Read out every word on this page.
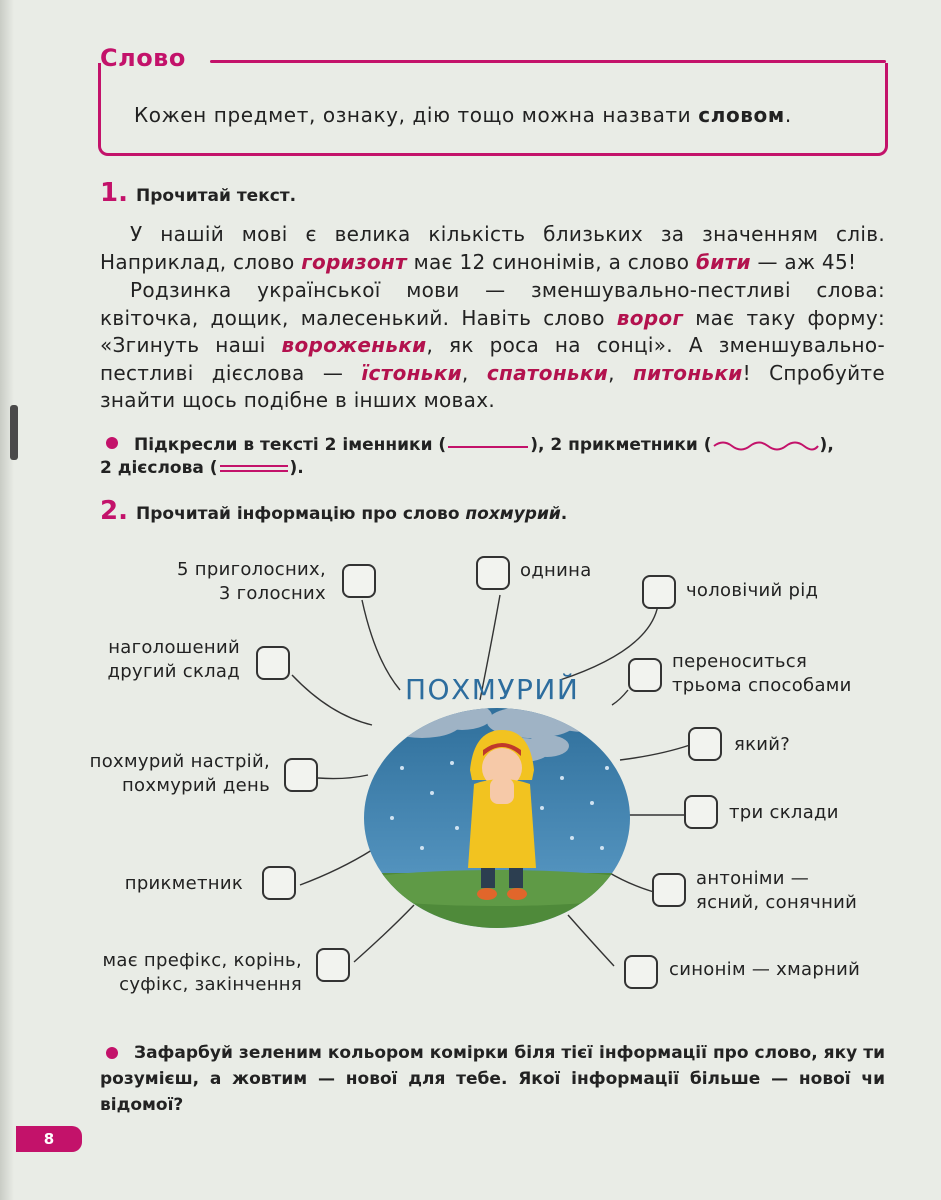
Слово
Кожен предмет, ознаку, дію тощо можна назвати словом.
1. Прочитай текст.
У нашій мові є велика кількість близьких за значенням слів. Наприклад, слово горизонт має 12 синонімів, а слово бити — аж 45!
Родзинка української мови — зменшувально-пестливі слова: квіточка, дощик, малесенький. Навіть слово ворог має таку форму: «Згинуть наші вороженьки, як роса на сонці». А зменшувально-пестливі дієслова — їстоньки, спатоньки, питоньки! Спробуйте знайти щось подібне в інших мовах.
Підкресли в тексті 2 іменники (	), 2 прикметники (	),
2 дієслова (	).
2. Прочитай інформацію про слово похмурий.
ПОХМУРИЙ
5 приголосних,
3 голосних
наголошений
другий склад
похмурий настрій,
похмурий день
прикметник
має префікс, корінь,
суфікс, закінчення
однина
чоловічий рід
переноситься
трьома способами
який?
три склади
антоніми —
ясний, сонячний
синонім — хмарний
Зафарбуй зеленим кольором комірки біля тієї інформації про слово, яку ти розумієш, а жовтим — нової для тебе. Якої інформації більше — нової чи відомої?
8
